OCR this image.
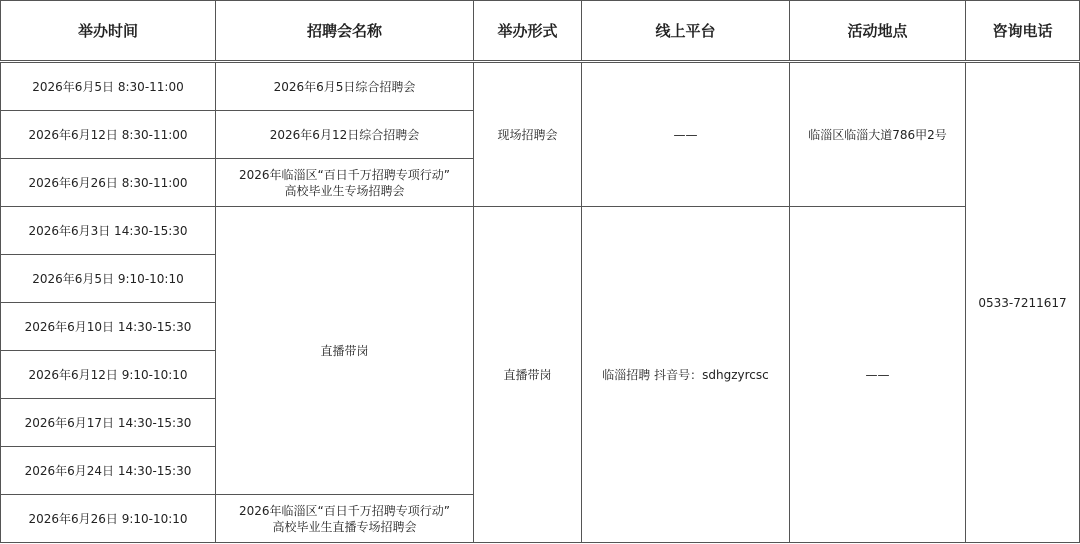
举办时间	招聘会名称	举办形式	线上平台	活动地点	咨询电话
2026年6月5日 8:30-11:00	2026年6月5日综合招聘会	现场招聘会	——	临淄区临淄大道786甲2号	0533-7211617
2026年6月12日 8:30-11:00	2026年6月12日综合招聘会				
2026年6月26日 8:30-11:00	2026年临淄区“百日千万招聘专项行动”
高校毕业生专场招聘会				

2026年6月3日 14:30-15:30	直播带岗	直播带岗	临淄招聘 抖音号：sdhgzyrcsc	——	
2026年6月5日 9:10-10:10					
2026年6月10日 14:30-15:30					
2026年6月12日 9:10-10:10					
2026年6月17日 14:30-15:30					
2026年6月24日 14:30-15:30					
2026年6月26日 9:10-10:10	2026年临淄区“百日千万招聘专项行动”
高校毕业生直播专场招聘会				
